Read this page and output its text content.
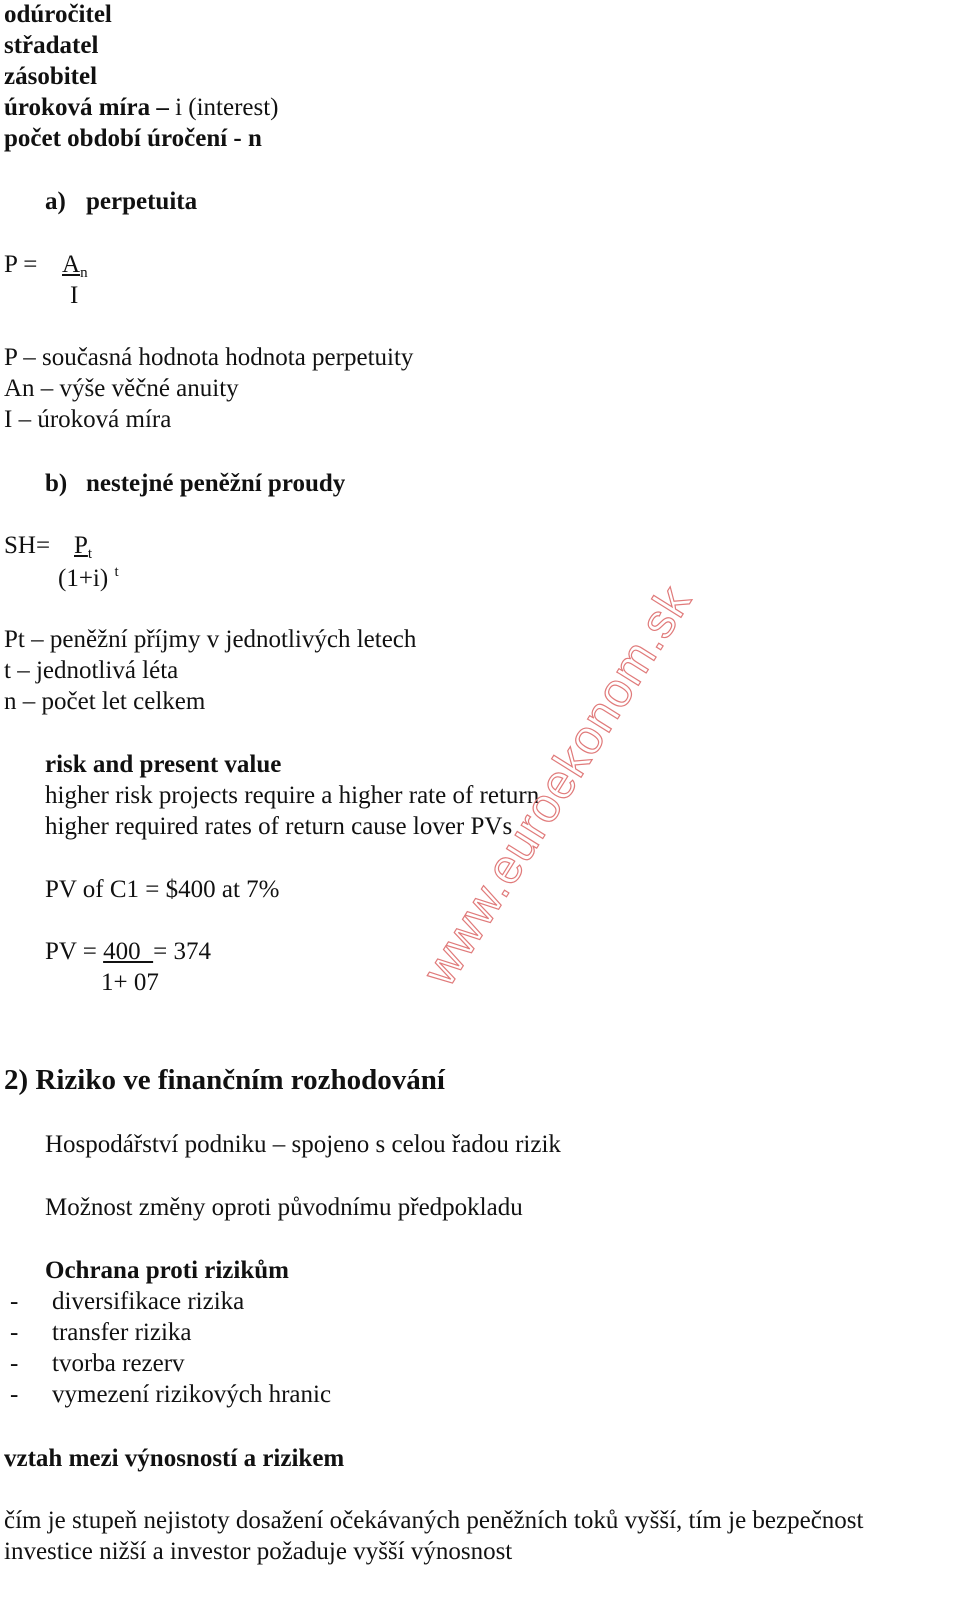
odúročitel
střadatel
zásobitel
úroková míra – i (interest)
počet období úročení - n
a) perpetuita
$P = A_n$
I
P – současná hodnota hodnota perpetuity
An – výše věčné anuity
I – úroková míra
b) nestejné peněžní proudy
$SH= P_t$
(1+i) $^t$
Pt – peněžní příjmy v jednotlivých letech
t – jednotlivá léta
n – počet let celkem
risk and present value
higher risk projects require a higher rate of return
higher required rates of return cause lover PVs
PV of C1 = $400 at 7%
PV = 400  = 374
1+ 07	www.euroekonom.sk
2) Riziko ve finančním rozhodování
Hospodářství podniku – spojeno s celou řadou rizik
Možnost změny oproti původnímu předpokladu
Ochrana proti rizikům
- diversifikace rizika
- transfer rizika
- tvorba rezerv
- vymezení rizikových hranic
vztah mezi výnosností a rizikem
čím je stupeň nejistoty dosažení očekávaných peněžních toků vyšší, tím je bezpečnost
investice nižší a investor požaduje vyšší výnosnost
